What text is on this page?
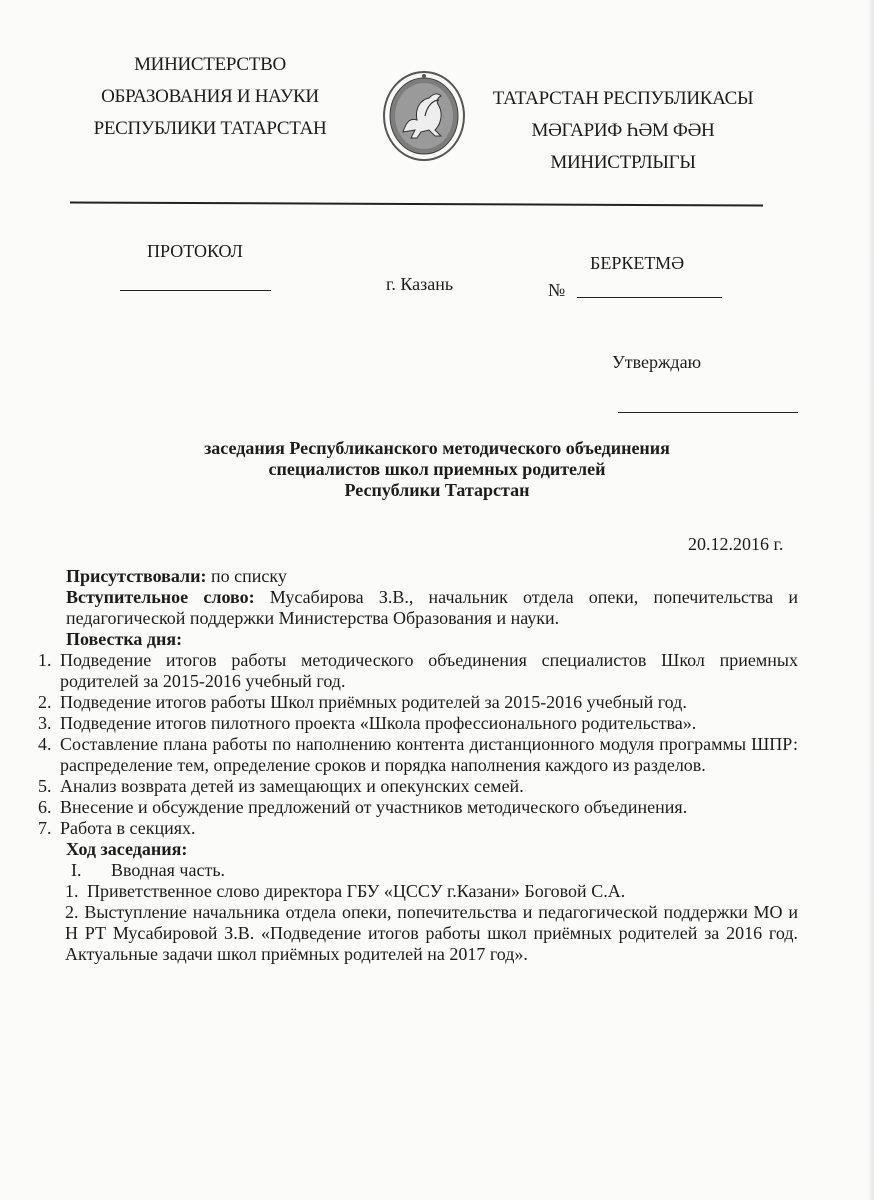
МИНИСТЕРСТВО
ОБРАЗОВАНИЯ И НАУКИ
РЕСПУБЛИКИ ТАТАРСТАН
ТАТАРСТАН РЕСПУБЛИКАСЫ
МӘГАРИФ ҺӘМ ФӘН
МИНИСТРЛЫГЫ
ПРОТОКОЛ
г. Казань
БЕРКЕТМӘ
№
Утверждаю
заседания Республиканского методического объединения
специалистов школ приемных родителей
Республики Татарстан
20.12.2016 г.
Присутствовали: по списку
Вступительное слово: Мусабирова З.В., начальник отдела опеки, попечительства и педагогической поддержки Министерства Образования и науки.
Повестка дня:
1. Подведение итогов работы методического объединения специалистов Школ приемных родителей за 2015-2016 учебный год.
2. Подведение итогов работы Школ приёмных родителей за 2015-2016 учебный год.
3. Подведение итогов пилотного проекта «Школа профессионального родительства».
4. Составление плана работы по наполнению контента дистанционного модуля программы ШПР: распределение тем, определение сроков и порядка наполнения каждого из разделов.
5. Анализ возврата детей из замещающих и опекунских семей.
6. Внесение и обсуждение предложений от участников методического объединения.
7. Работа в секциях.
Ход заседания:
I.	Вводная часть.
1. Приветственное слово директора ГБУ «ЦССУ г.Казани» Боговой С.А.
2. Выступление начальника отдела опеки, попечительства и педагогической поддержки МО и Н РТ Мусабировой З.В. «Подведение итогов работы школ приёмных родителей за 2016 год. Актуальные задачи школ приёмных родителей на 2017 год».
